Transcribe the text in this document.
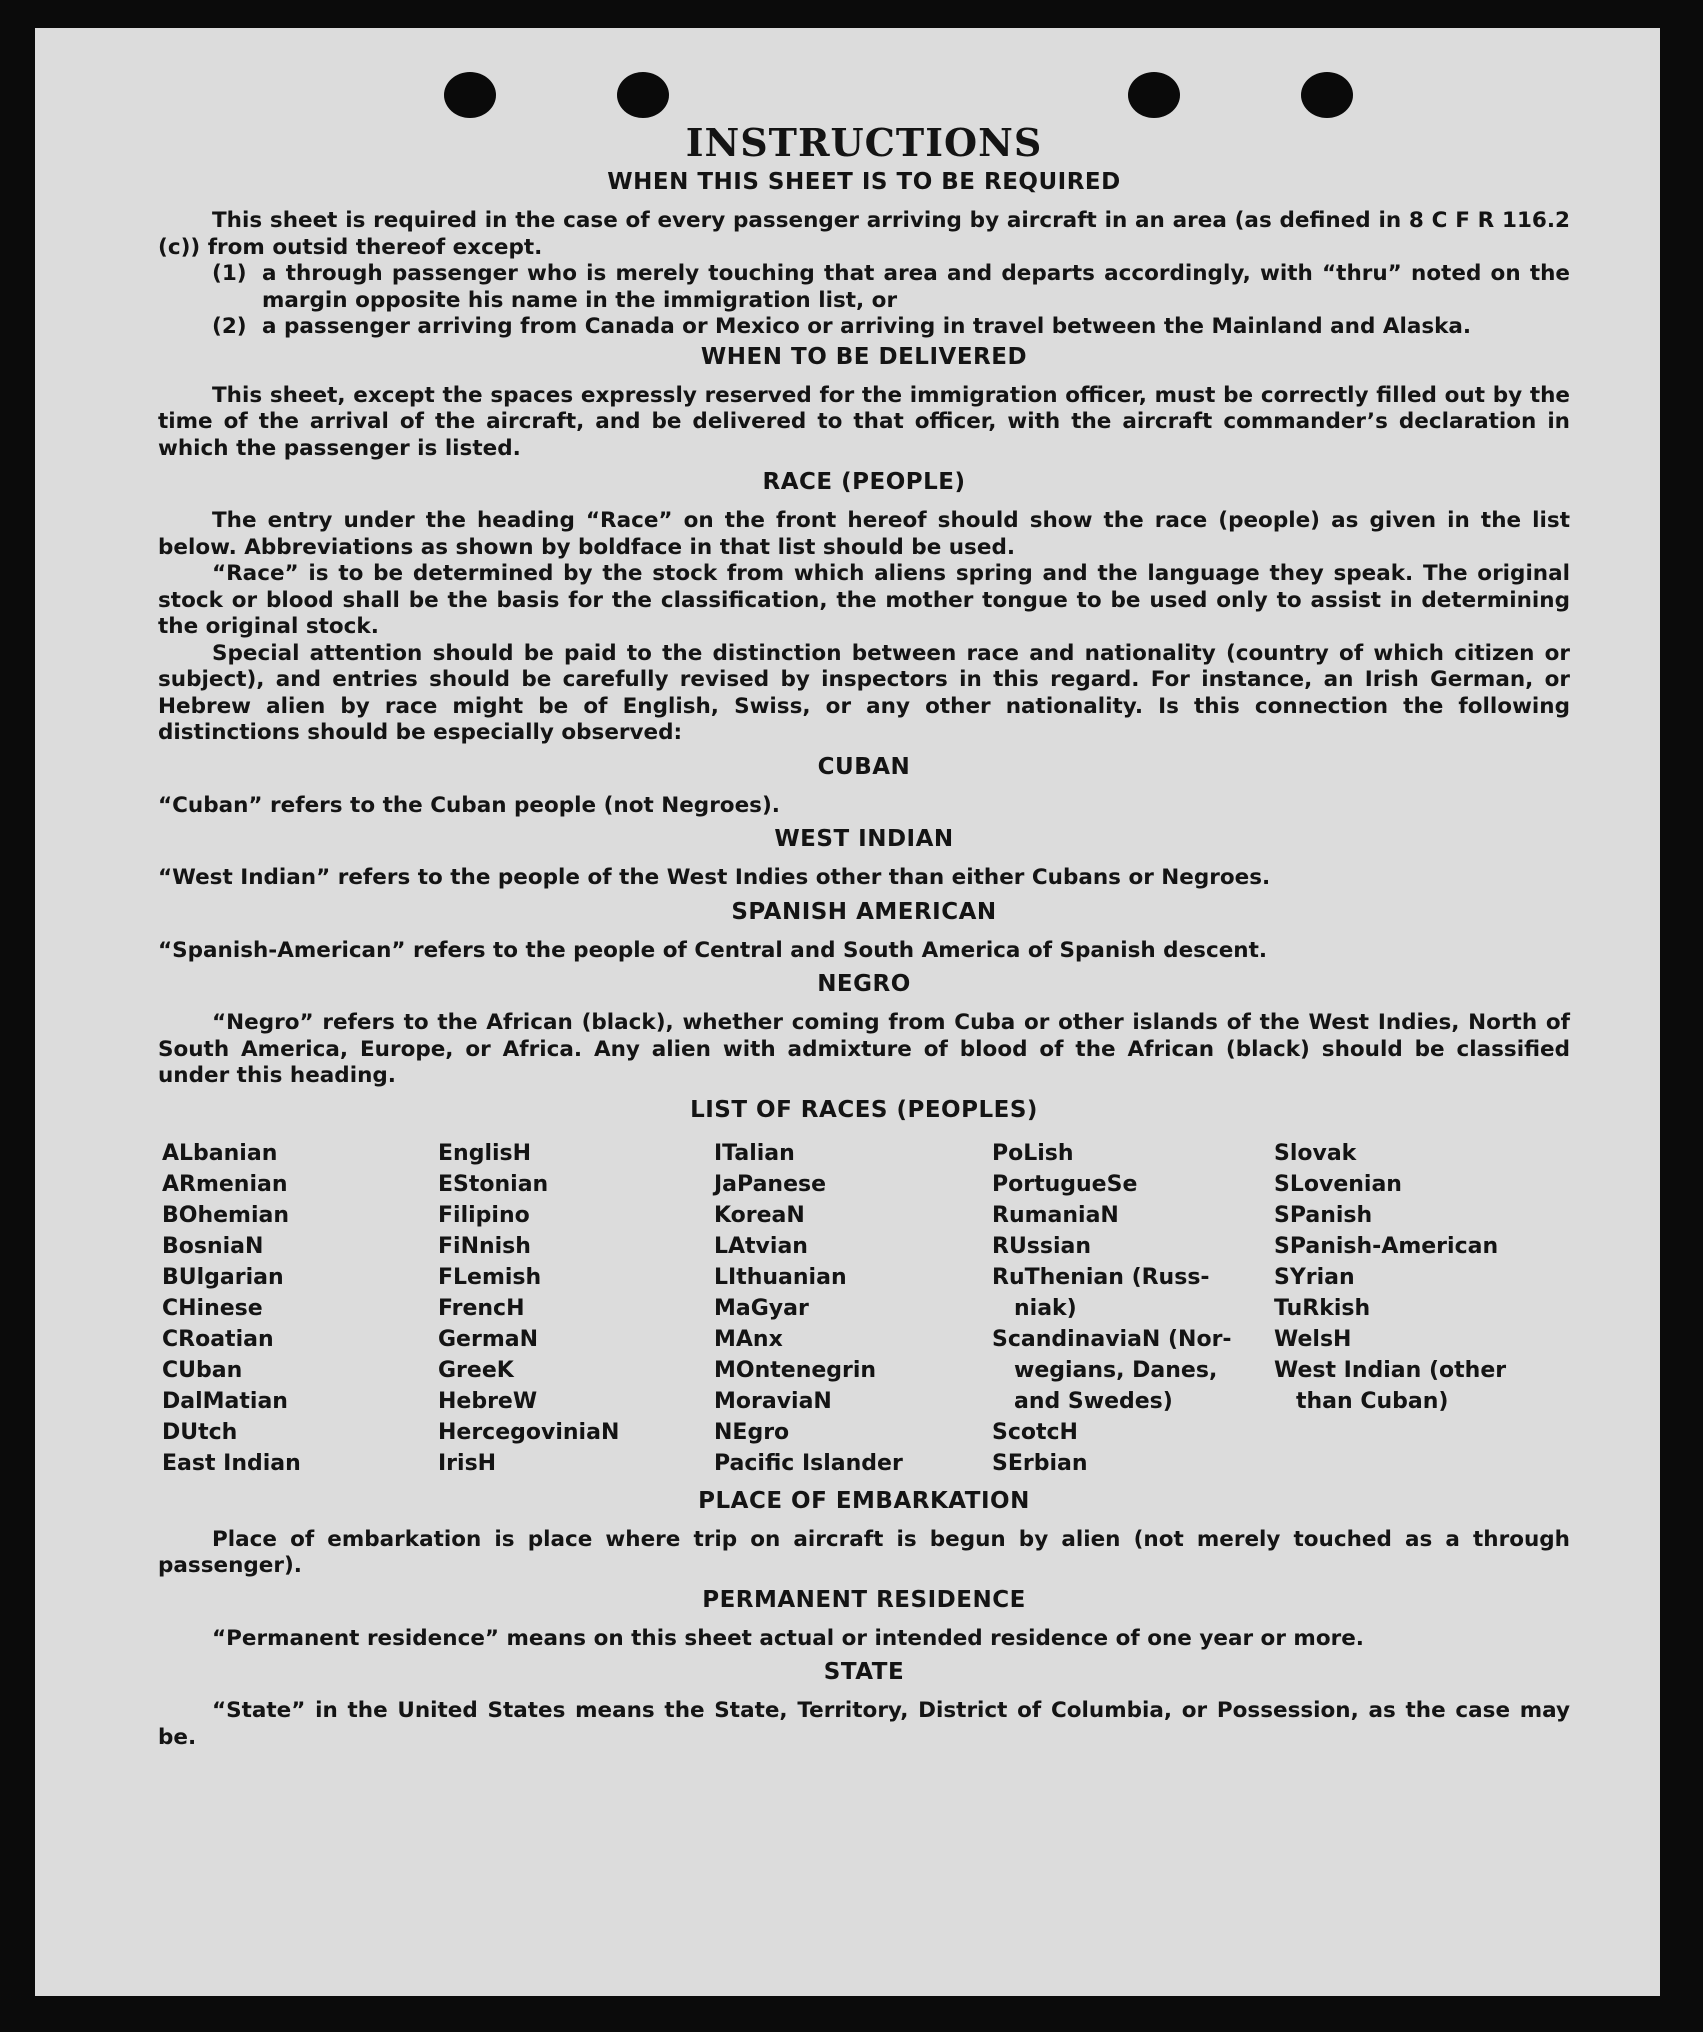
INSTRUCTIONS
WHEN THIS SHEET IS TO BE REQUIRED

This sheet is required in the case of every passenger arriving by aircraft in an area (as defined in 8 C F R 116.2 (c)) from outsid thereof except.

(1) a through passenger who is merely touching that area and departs accordingly, with “thru” noted on the margin opposite his name in the immigration list, or
(2) a passenger arriving from Canada or Mexico or arriving in travel between the Mainland and Alaska.
WHEN TO BE DELIVERED

This sheet, except the spaces expressly reserved for the immigration officer, must be correctly filled out by the time of the arrival of the aircraft, and be delivered to that officer, with the aircraft commander’s declaration in which the passenger is listed.

RACE (PEOPLE)

The entry under the heading “Race” on the front hereof should show the race (people) as given in the list below. Abbreviations as shown by boldface in that list should be used.

“Race” is to be determined by the stock from which aliens spring and the language they speak. The original stock or blood shall be the basis for the classification, the mother tongue to be used only to assist in determining the original stock.

Special attention should be paid to the distinction between race and nationality (country of which citizen or subject), and entries should be carefully revised by inspectors in this regard. For instance, an Irish German, or Hebrew alien by race might be of English, Swiss, or any other nationality. Is this connection the following distinctions should be especially observed:

CUBAN

“Cuban” refers to the Cuban people (not Negroes).

WEST INDIAN

“West Indian” refers to the people of the West Indies other than either Cubans or Negroes.

SPANISH AMERICAN

“Spanish-American” refers to the people of Central and South America of Spanish descent.

NEGRO

“Negro” refers to the African (black), whether coming from Cuba or other islands of the West Indies, North of South America, Europe, or Africa. Any alien with admixture of blood of the African (black) should be classified under this heading.

LIST OF RACES (PEOPLES)
ALbanian
ARmenian
BOhemian
BosniaN
BUlgarian
CHinese
CRoatian
CUban
DalMatian
DUtch
East Indian
EnglisH
EStonian
Filipino
FiNnish
FLemish
FrencH
GermaN
GreeK
HebreW
HercegoviniaN
IrisH
ITalian
JaPanese
KoreaN
LAtvian
LIthuanian
MaGyar
MAnx
MOntenegrin
MoraviaN
NEgro
Pacific Islander
PoLish
PortugueSe
RumaniaN
RUssian
RuThenian (Russ-
niak)
ScandinaviaN (Nor-
wegians, Danes,
and Swedes)
ScotcH
SErbian
Slovak
SLovenian
SPanish
SPanish-American
SYrian
TuRkish
WelsH
West Indian (other
than Cuban)
PLACE OF EMBARKATION

Place of embarkation is place where trip on aircraft is begun by alien (not merely touched as a through passenger).

PERMANENT RESIDENCE

“Permanent residence” means on this sheet actual or intended residence of one year or more.

STATE

“State” in the United States means the State, Territory, District of Columbia, or Possession, as the case may be.
